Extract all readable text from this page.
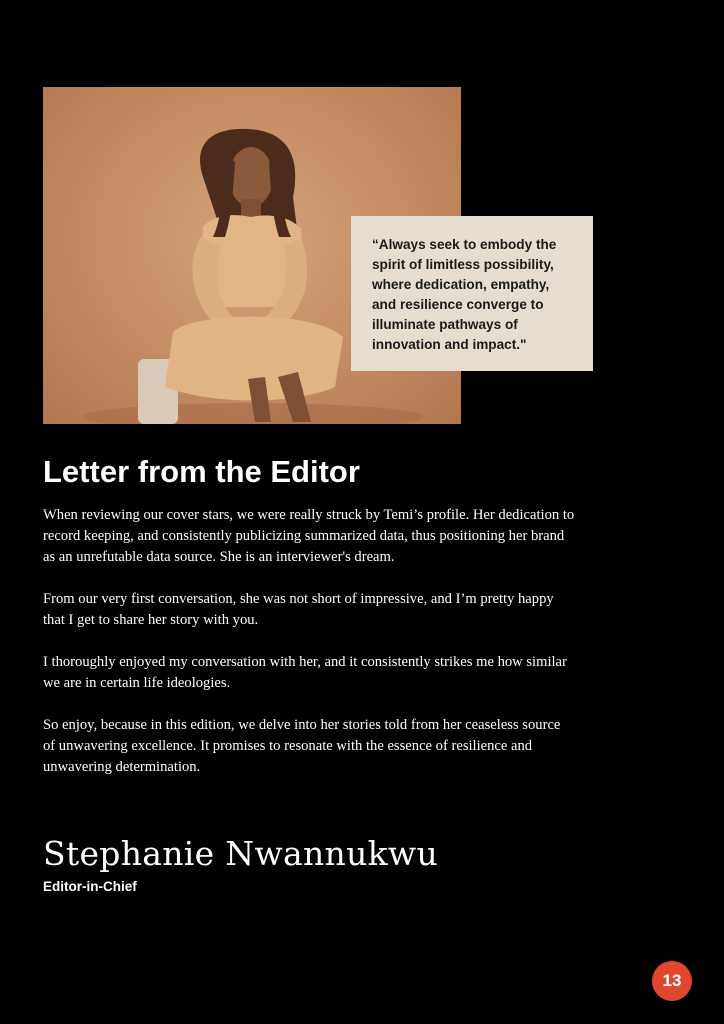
“Always seek to embody the
spirit of limitless possibility,
where dedication, empathy,
and resilience converge to
illuminate pathways of
innovation and impact."

Letter from the Editor

When reviewing our cover stars, we were really struck by Temi’s profile. Her dedication to
record keeping, and consistently publicizing summarized data, thus positioning her brand
as an unrefutable data source. She is an interviewer's dream.

From our very first conversation, she was not short of impressive, and I’m pretty happy
that I get to share her story with you.

I thoroughly enjoyed my conversation with her, and it consistently strikes me how similar
we are in certain life ideologies.

So enjoy, because in this edition, we delve into her stories told from her ceaseless source
of unwavering excellence. It promises to resonate with the essence of resilience and
unwavering determination.

Stephanie Nwannukwu

Editor-in-Chief

13
